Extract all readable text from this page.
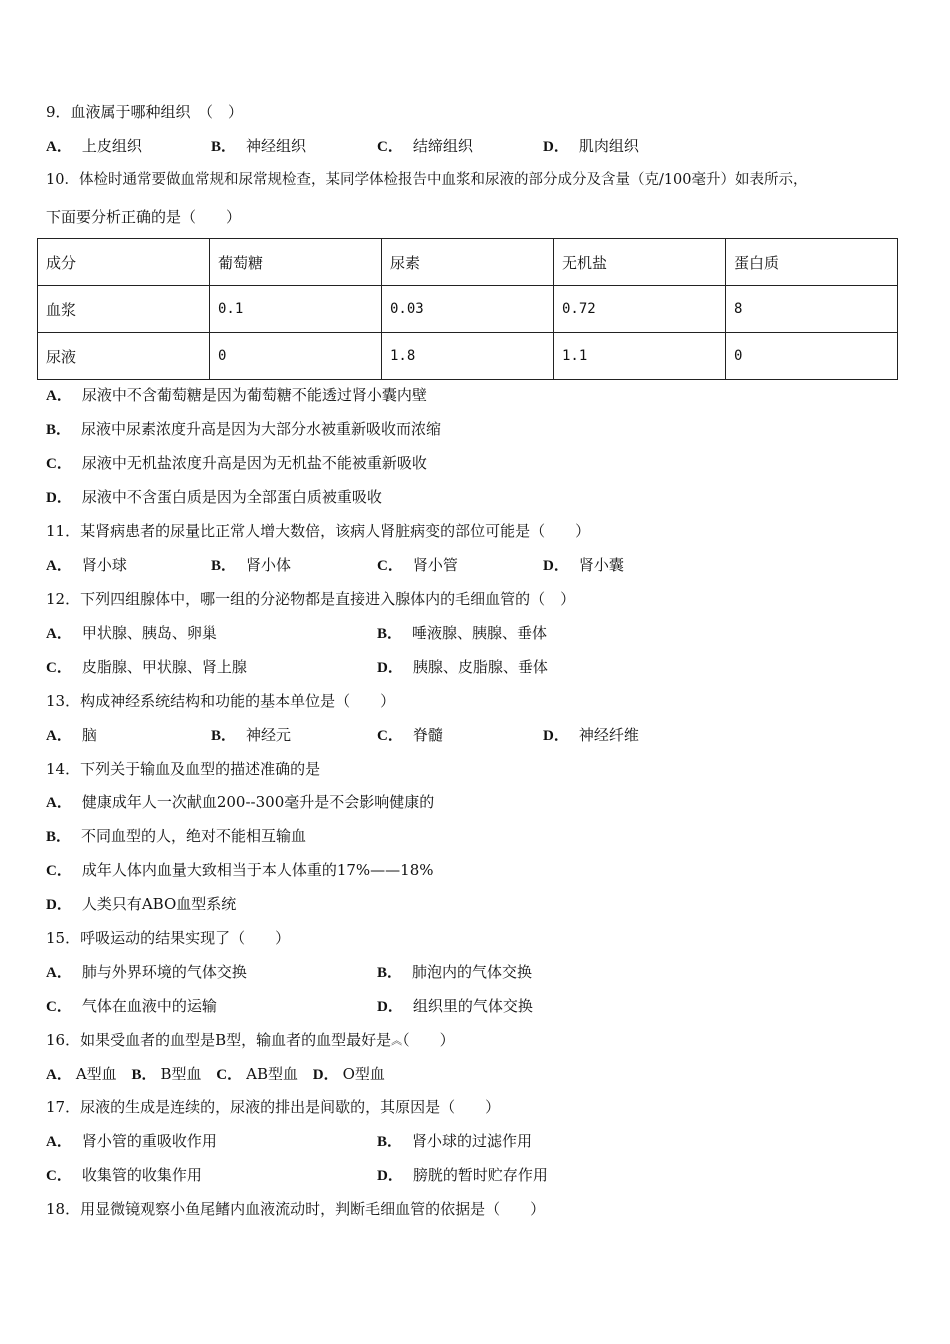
9．血液属于哪种组织　（　）
A． 上皮组织	B． 神经组织	C． 结缔组织	D． 肌肉组织
10．体检时通常要做血常规和尿常规检查，某同学体检报告中血浆和尿液的部分成分及含量（克/100毫升）如表所示，
下面要分析正确的是（　　）
成分	葡萄糖	尿素	无机盐	蛋白质
血浆	0.1	0.03	0.72	8
尿液	0	1.8	1.1	0
A． 尿液中不含葡萄糖是因为葡萄糖不能透过肾小囊内壁
B． 尿液中尿素浓度升高是因为大部分水被重新吸收而浓缩
C． 尿液中无机盐浓度升高是因为无机盐不能被重新吸收
D． 尿液中不含蛋白质是因为全部蛋白质被重吸收
11．某肾病患者的尿量比正常人增大数倍，该病人肾脏病变的部位可能是（　　）
A． 肾小球	B． 肾小体	C． 肾小管	D． 肾小囊
12．下列四组腺体中，哪一组的分泌物都是直接进入腺体内的毛细血管的（　）
A． 甲状腺、胰岛、卵巢	B． 唾液腺、胰腺、垂体
C． 皮脂腺、甲状腺、肾上腺	D． 胰腺、皮脂腺、垂体
13．构成神经系统结构和功能的基本单位是（　　）
A． 脑	B． 神经元	C． 脊髓	D． 神经纤维
14．下列关于输血及血型的描述准确的是
A． 健康成年人一次献血200--300毫升是不会影响健康的
B． 不同血型的人，绝对不能相互输血
C． 成年人体内血量大致相当于本人体重的17%——18%
D． 人类只有ABO血型系统
15．呼吸运动的结果实现了（　　）
A． 肺与外界环境的气体交换	B． 肺泡内的气体交换
C． 气体在血液中的运输	D． 组织里的气体交换
16．如果受血者的血型是B型，输血者的血型最好是︽（　　）
A． A型血 B． B型血 C． AB型血 D． O型血
17．尿液的生成是连续的，尿液的排出是间歇的，其原因是（　　）
A． 肾小管的重吸收作用	B． 肾小球的过滤作用
C． 收集管的收集作用	D． 膀胱的暂时贮存作用
18．用显微镜观察小鱼尾鳍内血液流动时，判断毛细血管的依据是（　　）
